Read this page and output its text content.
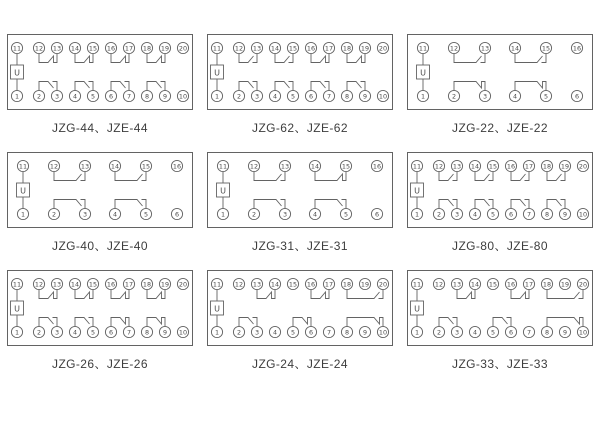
U
11 12 13 14 15 16 17 18 19 20
1	2 3 4 5 6 7 8 9 10
JZG-44、JZE-44
U
11 12 13 14 15 16 17 18 19 20
1	2 3 4 5 6 7 8 9 10
JZG-62、JZE-62
U
11	12	13	14	15	16
1	2	3	4	5	6
JZG-22、JZE-22
U
11	12	13	14	15	16
1	2	3	4	5	6
JZG-40、JZE-40
U
11	12	13	14	15	16
1	2	3	4	5	6
JZG-31、JZE-31
U
11 12 13 14 15 16 17 18 19 20
1	2 3 4 5 6 7 8 9 10
JZG-80、JZE-80
U
11 12 13 14 15 16 17 18 19 20
1	2 3 4 5 6 7 8 9 10
JZG-26、JZE-26
U
11 12 13 14 15 16 17 18 19 20
1	2 3 4 5 6 7 8 9 10
JZG-24、JZE-24
U
11 12 13 14 15 16 17 18 19 20
1	2 3 4 5 6 7 8 9 10
JZG-33、JZE-33
